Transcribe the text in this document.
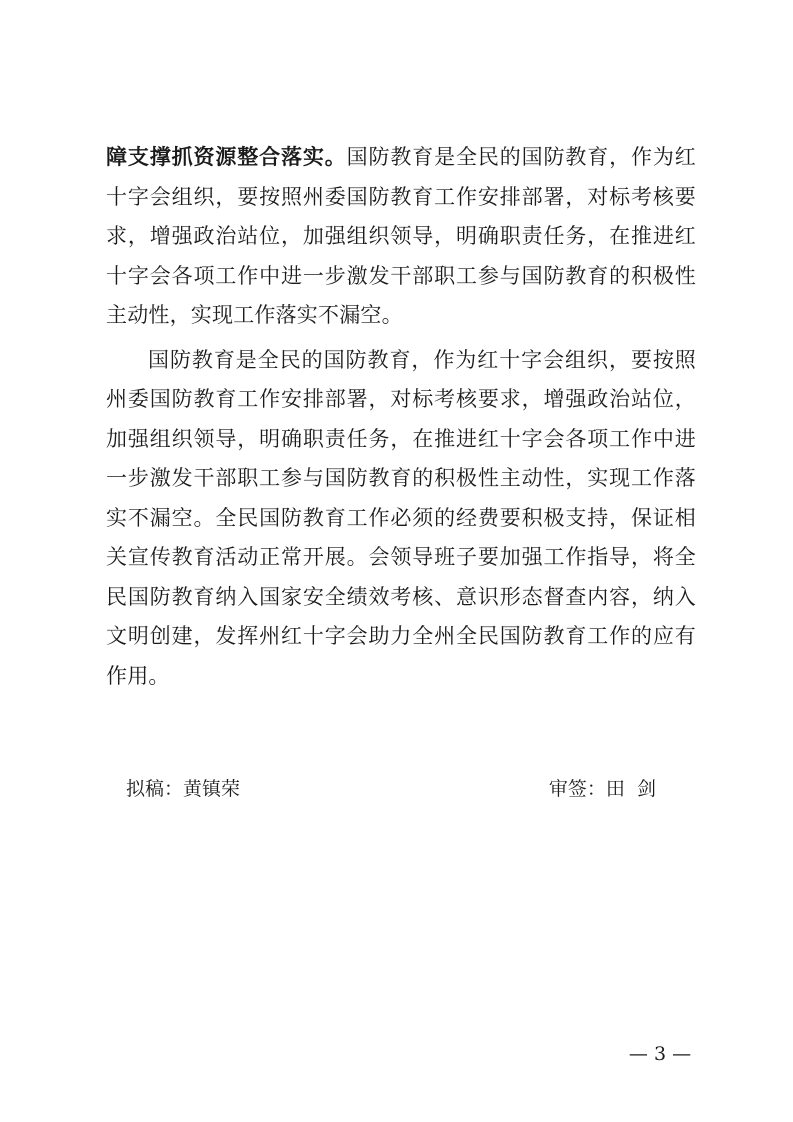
障支撑抓资源整合落实。国防教育是全民的国防教育，作为红十字会组织，要按照州委国防教育工作安排部署，对标考核要求，增强政治站位，加强组织领导，明确职责任务，在推进红十字会各项工作中进一步激发干部职工参与国防教育的积极性主动性，实现工作落实不漏空。

国防教育是全民的国防教育，作为红十字会组织，要按照州委国防教育工作安排部署，对标考核要求，增强政治站位，加强组织领导，明确职责任务，在推进红十字会各项工作中进一步激发干部职工参与国防教育的积极性主动性，实现工作落实不漏空。全民国防教育工作必须的经费要积极支持，保证相关宣传教育活动正常开展。会领导班子要加强工作指导，将全民国防教育纳入国家安全绩效考核、意识形态督查内容，纳入文明创建，发挥州红十字会助力全州全民国防教育工作的应有作用。

拟稿：黄镇荣	审签：田  剑
— 3 —
